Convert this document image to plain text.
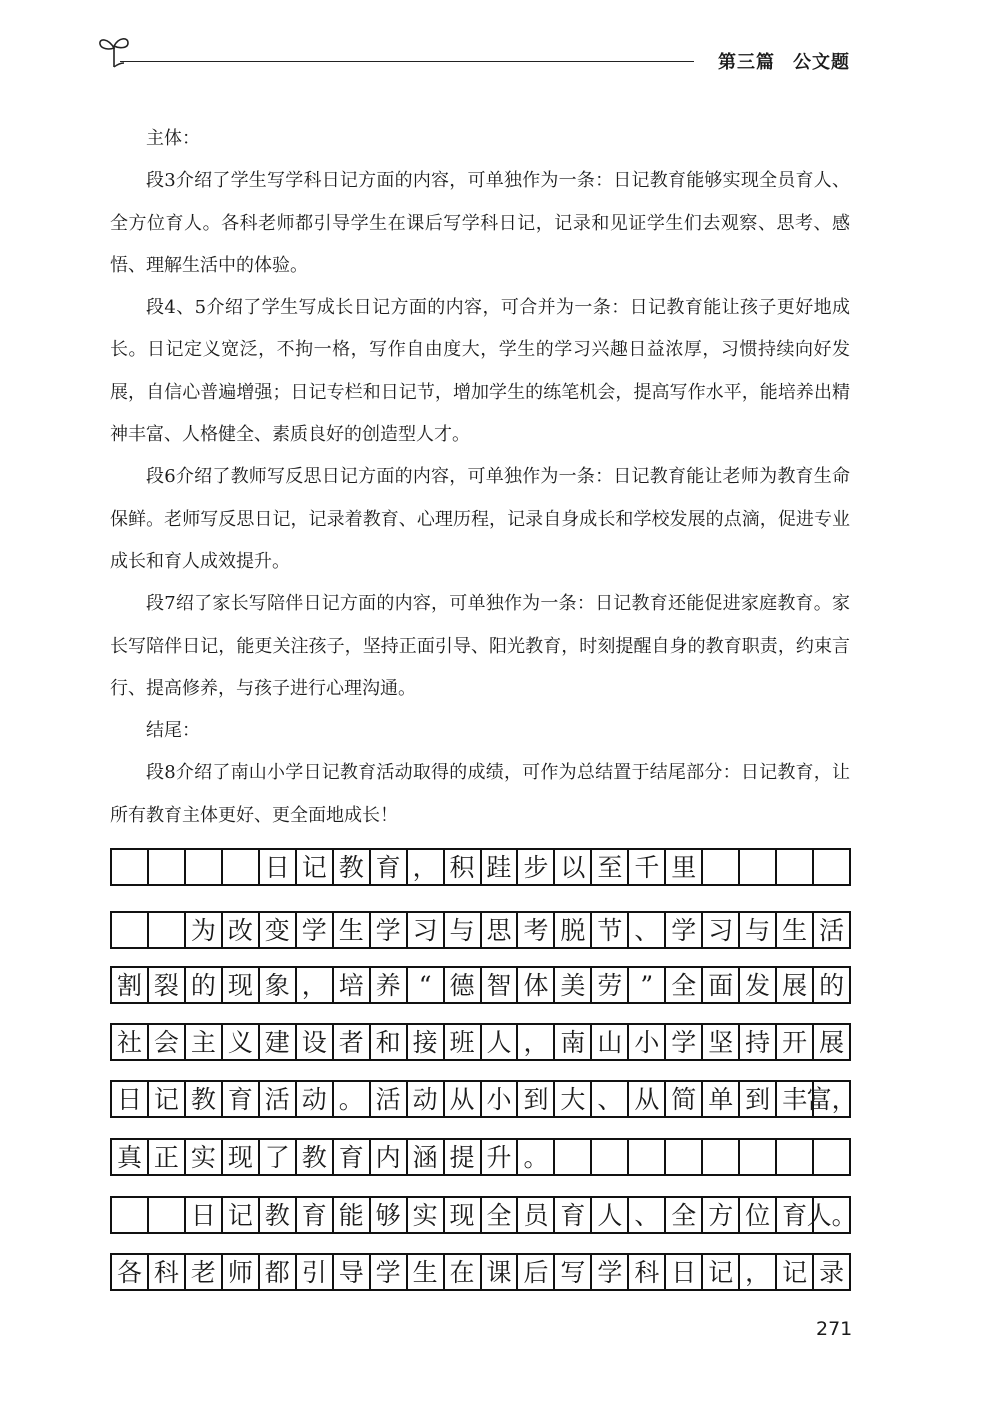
第三篇 公文题

主体：

段3介绍了学生写学科日记方面的内容，可单独作为一条：日记教育能够实现全员育人、全方位育人。各科老师都引导学生在课后写学科日记，记录和见证学生们去观察、思考、感悟、理解生活中的体验。

段4、5介绍了学生写成长日记方面的内容，可合并为一条：日记教育能让孩子更好地成长。日记定义宽泛，不拘一格，写作自由度大，学生的学习兴趣日益浓厚，习惯持续向好发展，自信心普遍增强；日记专栏和日记节，增加学生的练笔机会，提高写作水平，能培养出精神丰富、人格健全、素质良好的创造型人才。

段6介绍了教师写反思日记方面的内容，可单独作为一条：日记教育能让老师为教育生命保鲜。老师写反思日记，记录着教育、心理历程，记录自身成长和学校发展的点滴，促进专业成长和育人成效提升。

段7绍了家长写陪伴日记方面的内容，可单独作为一条：日记教育还能促进家庭教育。家长写陪伴日记，能更关注孩子，坚持正面引导、阳光教育，时刻提醒自身的教育职责，约束言行、提高修养，与孩子进行心理沟通。

结尾：

段8介绍了南山小学日记教育活动取得的成绩，可作为总结置于结尾部分：日记教育，让所有教育主体更好、更全面地成长！

日 记 教 育 ， 积 跬 步 以 至 千 里
为 改 变 学 生 学 习 与 思 考 脱 节 、 学 习 与 生 活
割 裂 的 现 象 ， 培 养 “ 德 智 体 美 劳 ” 全 面 发 展 的
社 会 主 义 建 设 者 和 接 班 人 ， 南 山 小 学 坚 持 开 展
日 记 教 育 活 动 。 活 动 从 小 到 大 、 从 简 单 到 丰 富，
真 正 实 现 了 教 育 内 涵 提 升 。
日 记 教 育 能 够 实 现 全 员 育 人 、 全 方 位 育 人。
各 科 老 师 都 引 导 学 生 在 课 后 写 学 科 日 记 ， 记 录
271
